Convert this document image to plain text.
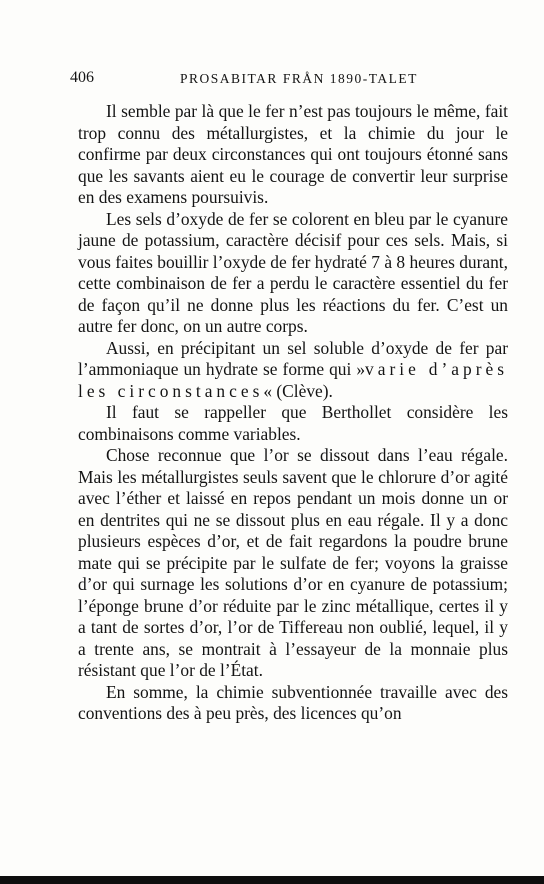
406	PROSABITAR FRÅN 1890-TALET

Il semble par là que le fer n’est pas toujours le même, fait trop connu des métallurgistes, et la chimie du jour le confirme par deux circonstances qui ont toujours étonné sans que les savants aient eu le courage de convertir leur surprise en des examens poursuivis.

Les sels d’oxyde de fer se colorent en bleu par le cyanure jaune de potassium, caractère décisif pour ces sels. Mais, si vous faites bouillir l’oxyde de fer hydraté 7 à 8 heures durant, cette combinaison de fer a perdu le caractère essentiel du fer de façon qu’il ne donne plus les réactions du fer. C’est un autre fer donc, on un autre corps.

Aussi, en précipitant un sel soluble d’oxyde de fer par l’ammoniaque un hydrate se forme qui »varie d’après les circonstances« (Clève).

Il faut se rappeller que Berthollet considère les combinaisons comme variables.

Chose reconnue que l’or se dissout dans l’eau régale. Mais les métallurgistes seuls savent que le chlorure d’or agité avec l’éther et laissé en repos pendant un mois donne un or en dentrites qui ne se dissout plus en eau régale. Il y a donc plusieurs espèces d’or, et de fait regardons la poudre brune mate qui se précipite par le sulfate de fer; voyons la graisse d’or qui surnage les solutions d’or en cyanure de potassium; l’éponge brune d’or réduite par le zinc métallique, certes il y a tant de sortes d’or, l’or de Tiffereau non oublié, lequel, il y a trente ans, se montrait à l’essayeur de la monnaie plus résistant que l’or de l’État.

En somme, la chimie subventionnée travaille avec des conventions des à peu près, des licences qu’on
